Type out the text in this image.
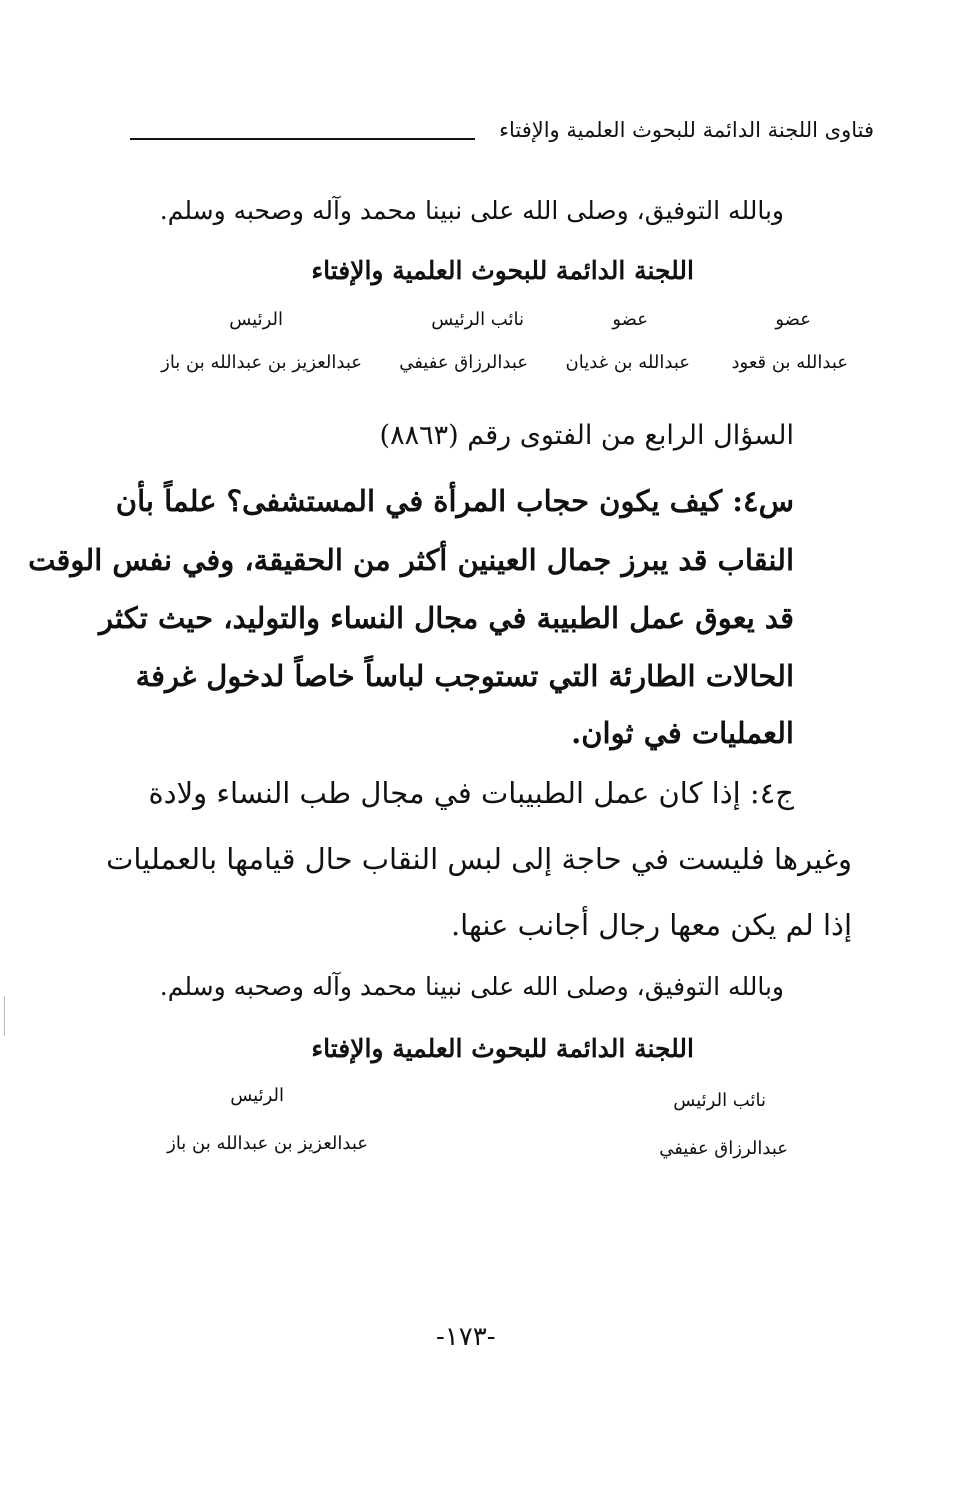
فتاوى اللجنة الدائمة للبحوث العلمية والإفتاء
وبالله التوفيق، وصلى الله على نبينا محمد وآله وصحبه وسلم.
اللجنة الدائمة للبحوث العلمية والإفتاء
عضو
عبدالله بن قعود
عضو
عبدالله بن غديان
نائب الرئيس
عبدالرزاق عفيفي
الرئيس
عبدالعزيز بن عبدالله بن باز
السؤال الرابع من الفتوى رقم (٨٨٦٣)
س٤: كيف يكون حجاب المرأة في المستشفى؟ علماً بأن
النقاب قد يبرز جمال العينين أكثر من الحقيقة، وفي نفس الوقت
قد يعوق عمل الطبيبة في مجال النساء والتوليد، حيث تكثر
الحالات الطارئة التي تستوجب لباساً خاصاً لدخول غرفة
العمليات في ثوان.
ج٤: إذا كان عمل الطبيبات في مجال طب النساء ولادة
وغيرها فليست في حاجة إلى لبس النقاب حال قيامها بالعمليات
إذا لم يكن معها رجال أجانب عنها.
وبالله التوفيق، وصلى الله على نبينا محمد وآله وصحبه وسلم.
اللجنة الدائمة للبحوث العلمية والإفتاء
نائب الرئيس
عبدالرزاق عفيفي
الرئيس
عبدالعزيز بن عبدالله بن باز
-١٧٣-
